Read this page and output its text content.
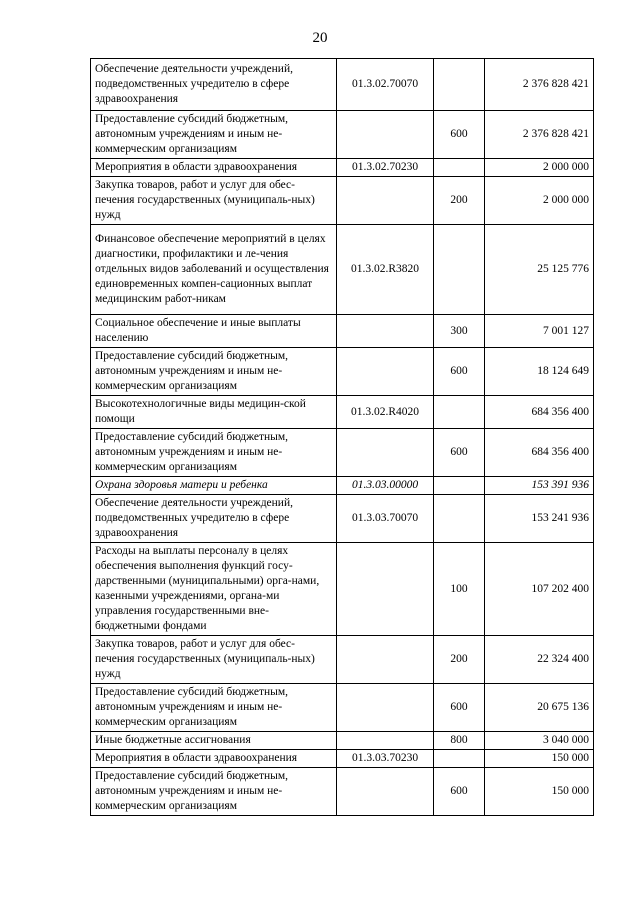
20
Обеспечение деятельности учреждений, подведомственных учредителю в сфере здравоохранения	01.3.02.70070		2 376 828 421
Предоставление субсидий бюджетным, автономным учреждениям и иным не-коммерческим организациям		600	2 376 828 421
Мероприятия в области здравоохранения	01.3.02.70230		2 000 000
Закупка товаров, работ и услуг для обес-печения государственных (муниципаль-ных) нужд		200	2 000 000
Финансовое обеспечение мероприятий в целях диагностики, профилактики и ле-чения отдельных видов заболеваний и осуществления единовременных компен-сационных выплат медицинским работ-никам	01.3.02.R3820		25 125 776
Социальное обеспечение и иные выплаты населению		300	7 001 127
Предоставление субсидий бюджетным, автономным учреждениям и иным не-коммерческим организациям		600	18 124 649
Высокотехнологичные виды медицин-ской помощи	01.3.02.R4020		684 356 400
Предоставление субсидий бюджетным, автономным учреждениям и иным не-коммерческим организациям		600	684 356 400
Охрана здоровья матери и ребенка	01.3.03.00000		153 391 936
Обеспечение деятельности учреждений, подведомственных учредителю в сфере здравоохранения	01.3.03.70070		153 241 936
Расходы на выплаты персоналу в целях обеспечения выполнения функций госу-дарственными (муниципальными) орга-нами, казенными учреждениями, органа-ми управления государственными вне-бюджетными фондами		100	107 202 400
Закупка товаров, работ и услуг для обес-печения государственных (муниципаль-ных) нужд		200	22 324 400
Предоставление субсидий бюджетным, автономным учреждениям и иным не-коммерческим организациям		600	20 675 136
Иные бюджетные ассигнования		800	3 040 000
Мероприятия в области здравоохранения	01.3.03.70230		150 000
Предоставление субсидий бюджетным, автономным учреждениям и иным не-коммерческим организациям		600	150 000
